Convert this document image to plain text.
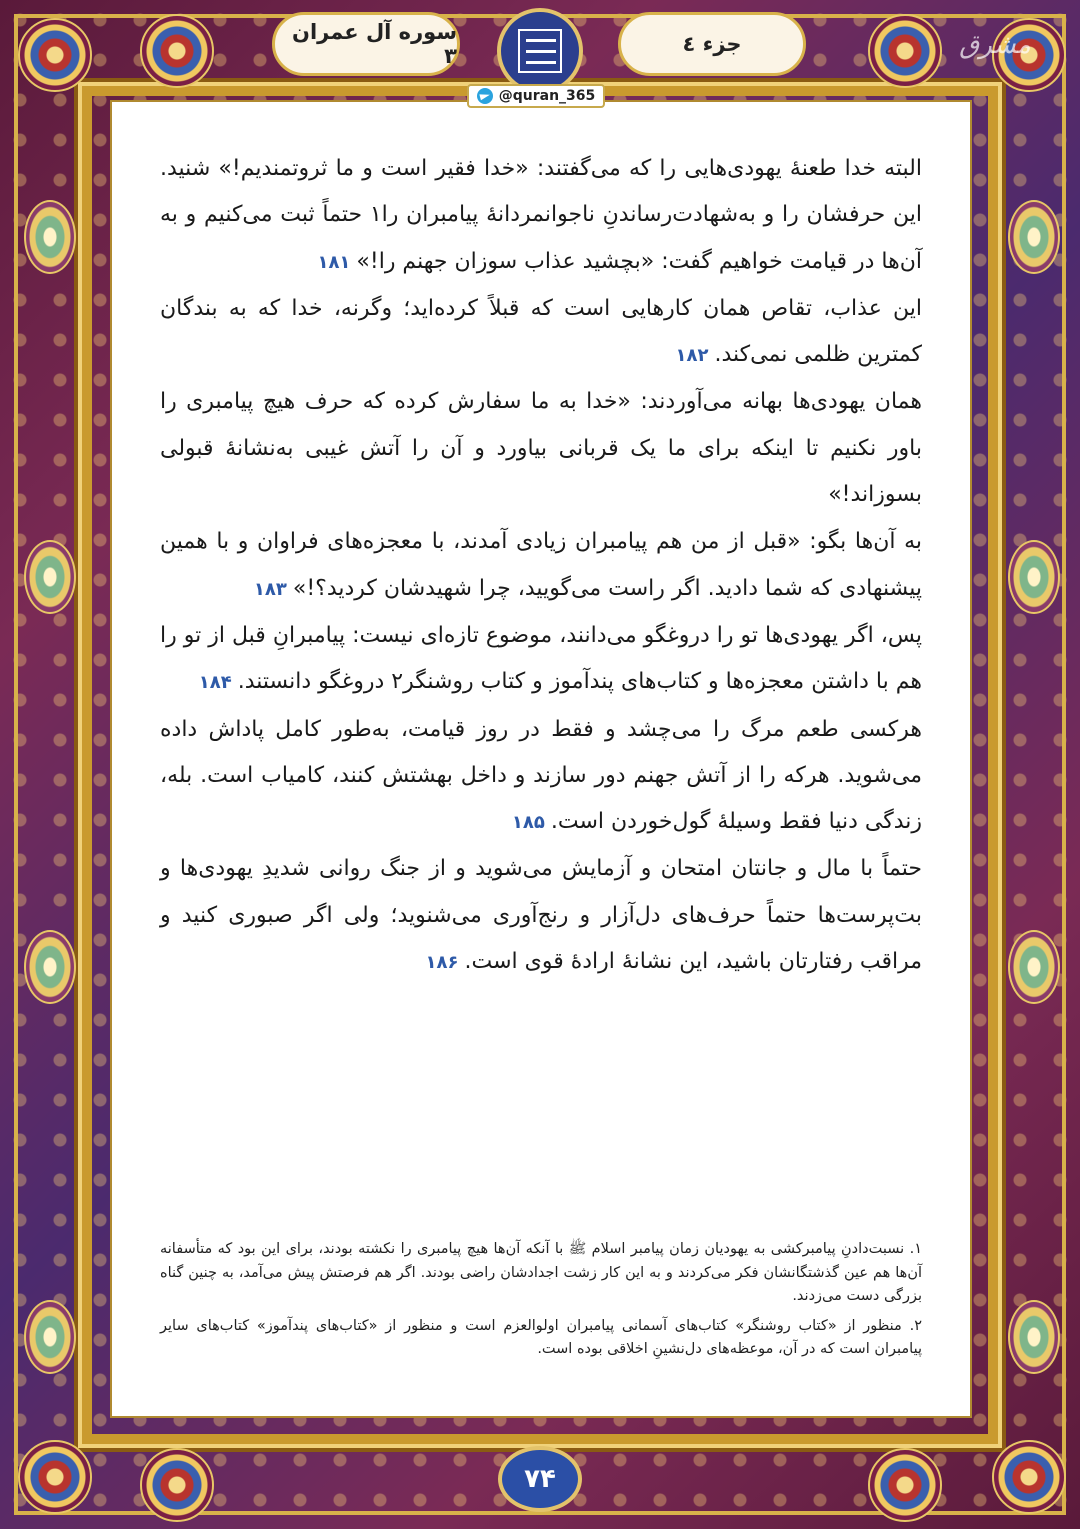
مشرق
سوره آل عمران ۳	جزء ٤
@quran_365

البته خدا طعنهٔ یهودی‌هایی را که می‌گفتند: «خدا فقیر است و ما ثروتمندیم!» شنید. این حرفشان را و به‌شهادت‌رساندنِ ناجوانمردانهٔ پیامبران را۱ حتماً ثبت می‌کنیم و به آن‌ها در قیامت خواهیم گفت: «بچشید عذاب سوزان جهنم را!»۱۸۱

این عذاب، تقاص همان کارهایی است که قبلاً کرده‌اید؛ وگرنه، خدا که به بندگان کمترین ظلمی نمی‌کند.۱۸۲

همان یهودی‌ها بهانه می‌آوردند: «خدا به ما سفارش کرده که حرف هیچ پیامبری را باور نکنیم تا اینکه برای ما یک قربانی بیاورد و آن را آتش غیبی به‌نشانهٔ قبولی بسوزاند!»

به آن‌ها بگو: «قبل از من هم پیامبران زیادی آمدند، با معجزه‌های فراوان و با همین پیشنهادی که شما دادید. اگر راست می‌گویید، چرا شهیدشان کردید؟!»۱۸۳

پس، اگر یهودی‌ها تو را دروغگو می‌دانند، موضوع تازه‌ای نیست: پیامبرانِ قبل از تو را هم با داشتن معجزه‌ها و کتاب‌های پندآموز و کتاب روشنگر۲ دروغگو دانستند.۱۸۴

هرکسی طعم مرگ را می‌چشد و فقط در روز قیامت، به‌طور کامل پاداش داده می‌شوید. هرکه را از آتش جهنم دور سازند و داخل بهشتش کنند، کامیاب است. بله، زندگی دنیا فقط وسیلهٔ گول‌خوردن است.۱۸۵

حتماً با مال و جانتان امتحان و آزمایش می‌شوید و از جنگ روانی شدیدِ یهودی‌ها و بت‌پرست‌ها حتماً حرف‌های دل‌آزار و رنج‌آوری می‌شنوید؛ ولی اگر صبوری کنید و مراقب رفتارتان باشید، این نشانهٔ ارادهٔ قوی است.۱۸۶

۱. نسبت‌دادنِ پیامبرکشی به یهودیان زمان پیامبر اسلام ﷺ با آنکه آن‌ها هیچ پیامبری را نکشته بودند، برای این بود که متأسفانه آن‌ها هم عین گذشتگانشان فکر می‌کردند و به این کار زشت اجدادشان راضی بودند. اگر هم فرصتش پیش می‌آمد، به چنین گناه بزرگی دست می‌زدند.

۲. منظور از «کتاب روشنگر» کتاب‌های آسمانی پیامبران اولوالعزم است و منظور از «کتاب‌های پندآموز» کتاب‌های سایر پیامبران است که در آن، موعظه‌های دل‌نشینِ اخلاقی بوده است.

۷۴
